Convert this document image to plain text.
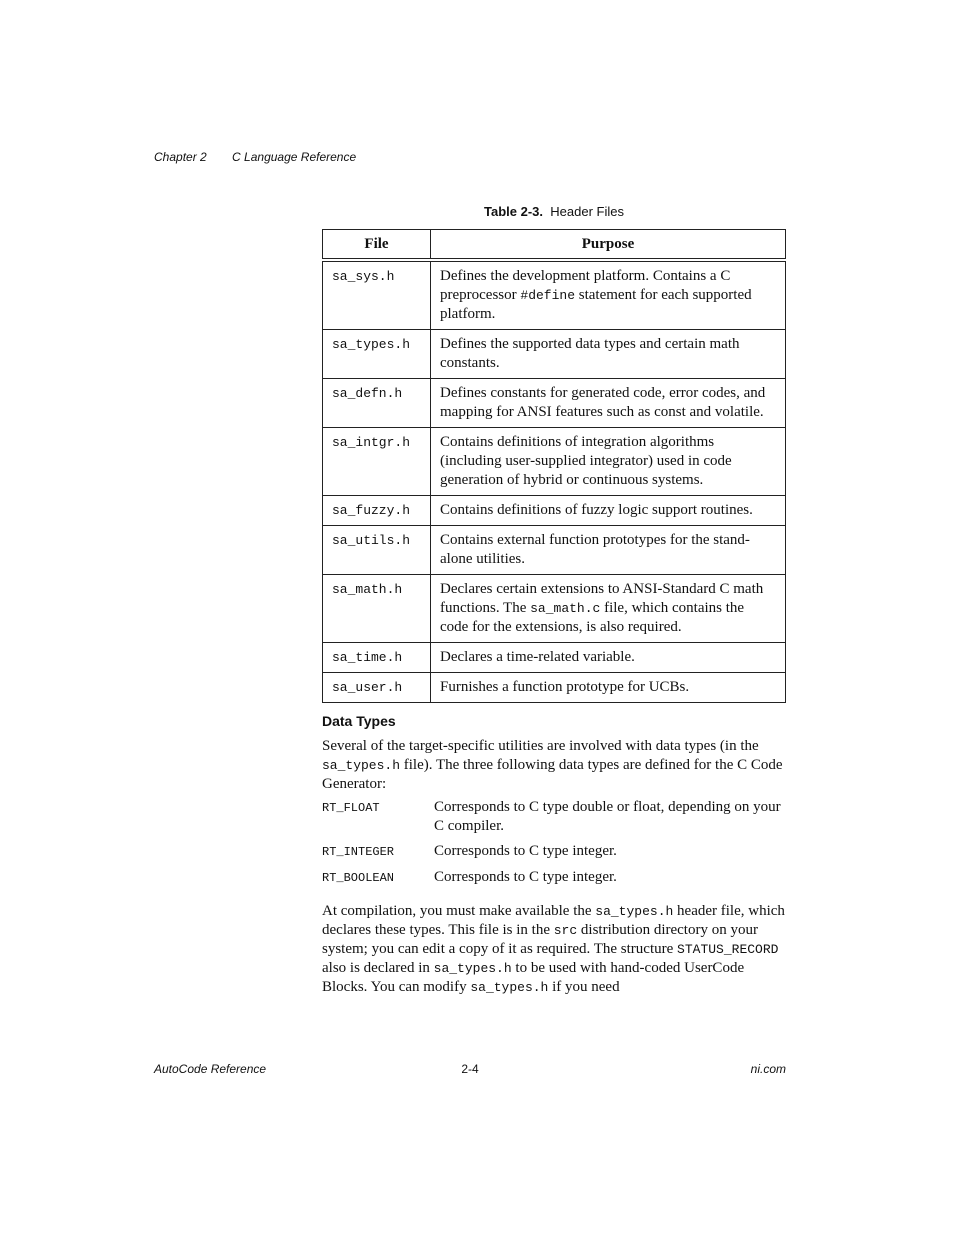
Chapter 2 C Language Reference
Table 2-3. Header Files
File	Purpose
sa_sys.h	Defines the development platform. Contains a C preprocessor #define statement for each supported platform.
sa_types.h	Defines the supported data types and certain math constants.
sa_defn.h	Defines constants for generated code, error codes, and mapping for ANSI features such as const and volatile.
sa_intgr.h	Contains definitions of integration algorithms (including user-supplied integrator) used in code generation of hybrid or continuous systems.
sa_fuzzy.h	Contains definitions of fuzzy logic support routines.
sa_utils.h	Contains external function prototypes for the stand-alone utilities.
sa_math.h	Declares certain extensions to ANSI-Standard C math functions. The sa_math.c file, which contains the code for the extensions, is also required.
sa_time.h	Declares a time-related variable.
sa_user.h	Furnishes a function prototype for UCBs.
Data Types
Several of the target-specific utilities are involved with data types (in the sa_types.h file). The three following data types are defined for the C Code Generator:
RT_FLOAT	Corresponds to C type double or float, depending on your C compiler.
RT_INTEGER	Corresponds to C type integer.
RT_BOOLEAN	Corresponds to C type integer.
At compilation, you must make available the sa_types.h header file, which declares these types. This file is in the src distribution directory on your system; you can edit a copy of it as required. The structure STATUS_RECORD also is declared in sa_types.h to be used with hand-coded UserCode Blocks. You can modify sa_types.h if you need
AutoCode Reference	2-4	ni.com
